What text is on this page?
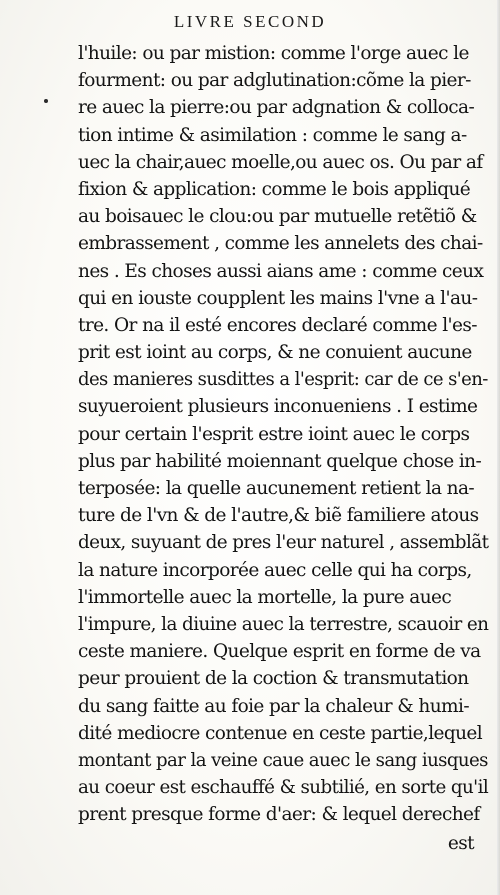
LIVRE SECOND
l'huile: ou par mistion: comme l'orge auec le
fourment: ou par adglutination:cõme la pier-
re auec la pierre:ou par adgnation & colloca-
tion intime & asimilation : comme le sang a-
uec la chair,auec moelle,ou auec os. Ou par af
fixion & application: comme le bois appliqué
au boisauec le clou:ou par mutuelle retẽtiõ &
embrassement , comme les annelets des chai-
nes . Es choses aussi aians ame : comme ceux
qui en iouste coupplent les mains l'vne a l'au-
tre. Or na il esté encores declaré comme l'es-
prit est ioint au corps, & ne conuient aucune
des manieres susdittes a l'esprit: car de ce s'en-
suyueroient plusieurs inconueniens . I estime
pour certain l'esprit estre ioint auec le corps
plus par habilité moiennant quelque chose in-
terposée: la quelle aucunement retient la na-
ture de l'vn & de l'autre,& biẽ familiere atous
deux, suyuant de pres l'eur naturel , assemblãt
la nature incorporée auec celle qui ha corps,
l'immortelle auec la mortelle, la pure auec
l'impure, la diuine auec la terrestre, scauoir en
ceste maniere. Quelque esprit en forme de va
peur prouient de la coction & transmutation
du sang faitte au foie par la chaleur & humi-
dité mediocre contenue en ceste partie,lequel
montant par la veine caue auec le sang iusques
au coeur est eschauffé & subtilié, en sorte qu'il
prent presque forme d'aer: & lequel derechef
est
